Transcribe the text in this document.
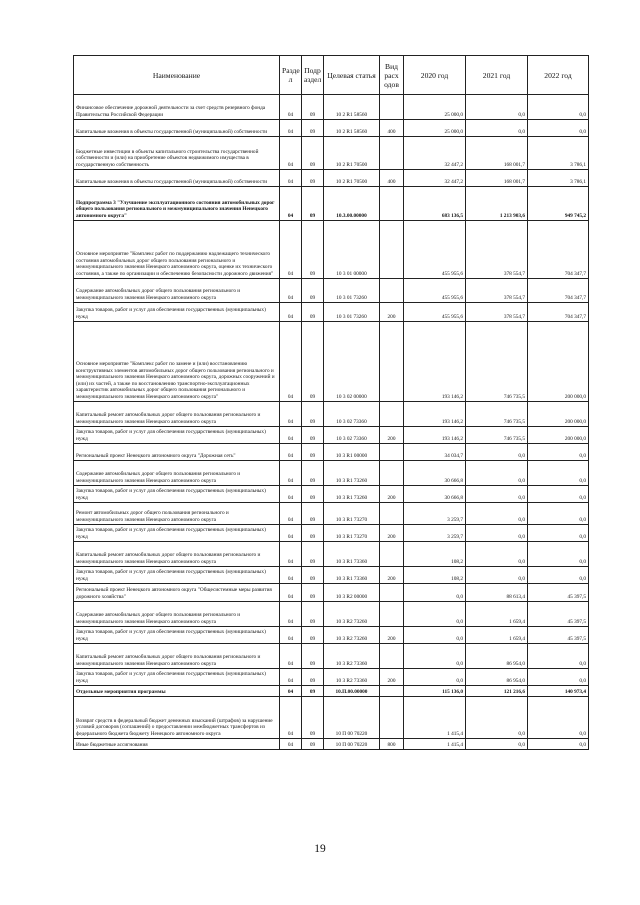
Наименование	Разде л	Подр аздел	Целевая статья	Вид расх одов	2020 год	2021 год	2022 год
Финансовое обеспечение дорожной деятельности за счет средств резервного фонда Правительства Российской Федерации	04	09	10 2 R1 58560		25 000,0	0,0	0,0
Капитальные вложения в объекты государственной (муниципальной) собственности	04	09	10 2 R1 58560	400	25 000,0	0,0	0,0
Бюджетные инвестиции в объекты капитального строительства государственной собственности и (или) на приобретение объектов недвижимого имущества в государственную собственность	04	09	10 2 R1 70500		32 447,2	168 001,7	3 786,1
Капитальные вложения в объекты государственной (муниципальной) собственности	04	09	10 2 R1 70500	400	32 447,2	168 001,7	3 786,1
Подпрограмма 3 "Улучшение эксплуатационного состояния автомобильных дорог общего пользования регионального и межмуниципального значения Ненецкого автономного округа"	04	09	10.3.00.00000		683 136,5	1 213 903,6	949 745,2
Основное мероприятие "Комплекс работ по поддержанию надлежащего технического состояния автомобильных дорог общего пользования регионального и межмуниципального значения Ненецкого автономного округа, оценке их технического состояния, а также по организации и обеспечению безопасности дорожного движения"	04	09	10 3 01 00000		455 955,6	378 554,7	704 347,7
Содержание автомобильных дорог общего пользования регионального и межмуниципального значения Ненецкого автономного округа	04	09	10 3 01 73260		455 955,6	378 554,7	704 347,7
Закупка товаров, работ и услуг для обеспечения государственных (муниципальных) нужд	04	09	10 3 01 73260	200	455 955,6	378 554,7	704 347,7
Основное мероприятие "Комплекс работ по замене и (или) восстановлению конструктивных элементов автомобильных дорог общего пользования регионального и межмуниципального значения Ненецкого автономного округа, дорожных сооружений и (или) их частей, а также по восстановлению транспортно-эксплуатационных характеристик автомобильных дорог общего пользования регионального и межмуниципального значения Ненецкого автономного округа"	04	09	10 3 02 00000		193 146,2	746 735,5	200 000,0
Капитальный ремонт автомобильных дорог общего пользования регионального и межмуниципального значения Ненецкого автономного округа	04	09	10 3 02 73360		193 146,2	746 735,5	200 000,0
Закупка товаров, работ и услуг для обеспечения государственных (муниципальных) нужд	04	09	10 3 02 73360	200	193 146,2	746 735,5	200 000,0
Региональный проект Ненецкого автономного округа "Дорожная сеть"	04	09	10 3 R1 00000		34 034,7	0,0	0,0
Содержание автомобильных дорог общего пользования регионального и межмуниципального значения Ненецкого автономного округа	04	09	10 3 R1 73260		30 666,8	0,0	0,0
Закупка товаров, работ и услуг для обеспечения государственных (муниципальных) нужд	04	09	10 3 R1 73260	200	30 666,8	0,0	0,0
Ремонт автомобильных дорог общего пользования регионального и межмуниципального значения Ненецкого автономного округа	04	09	10 3 R1 73270		3 259,7	0,0	0,0
Закупка товаров, работ и услуг для обеспечения государственных (муниципальных) нужд	04	09	10 3 R1 73270	200	3 259,7	0,0	0,0
Капитальный ремонт автомобильных дорог общего пользования регионального и межмуниципального значения Ненецкого автономного округа	04	09	10 3 R1 73360		108,2	0,0	0,0
Закупка товаров, работ и услуг для обеспечения государственных (муниципальных) нужд	04	09	10 3 R1 73360	200	108,2	0,0	0,0
Региональный проект Ненецкого автономного округа "Общесистемные меры развития дорожного хозяйства"	04	09	10 3 R2 00000		0,0	88 613,4	45 397,5
Содержание автомобильных дорог общего пользования регионального и межмуниципального значения Ненецкого автономного округа	04	09	10 3 R2 73260		0,0	1 659,4	45 397,5
Закупка товаров, работ и услуг для обеспечения государственных (муниципальных) нужд	04	09	10 3 R2 73260	200	0,0	1 659,4	45 397,5
Капитальный ремонт автомобильных дорог общего пользования регионального и межмуниципального значения Ненецкого автономного округа	04	09	10 3 R2 73360		0,0	86 954,0	0,0
Закупка товаров, работ и услуг для обеспечения государственных (муниципальных) нужд	04	09	10 3 R2 73360	200	0,0	86 954,0	0,0
Отдельные мероприятия программы	04	09	10.П.00.00000		115 136,0	121 216,6	140 973,4
Возврат средств в федеральный бюджет денежных взысканий (штрафов) за нарушение условий договоров (соглашений) о предоставлении межбюджетных трансфертов из федерального бюджета бюджету Ненецкого автономного округа	04	09	10 П 00 70220		1 415,4	0,0	0,0
Иные бюджетные ассигнования	04	09	10 П 00 70220	800	1 415,4	0,0	0,0
19
